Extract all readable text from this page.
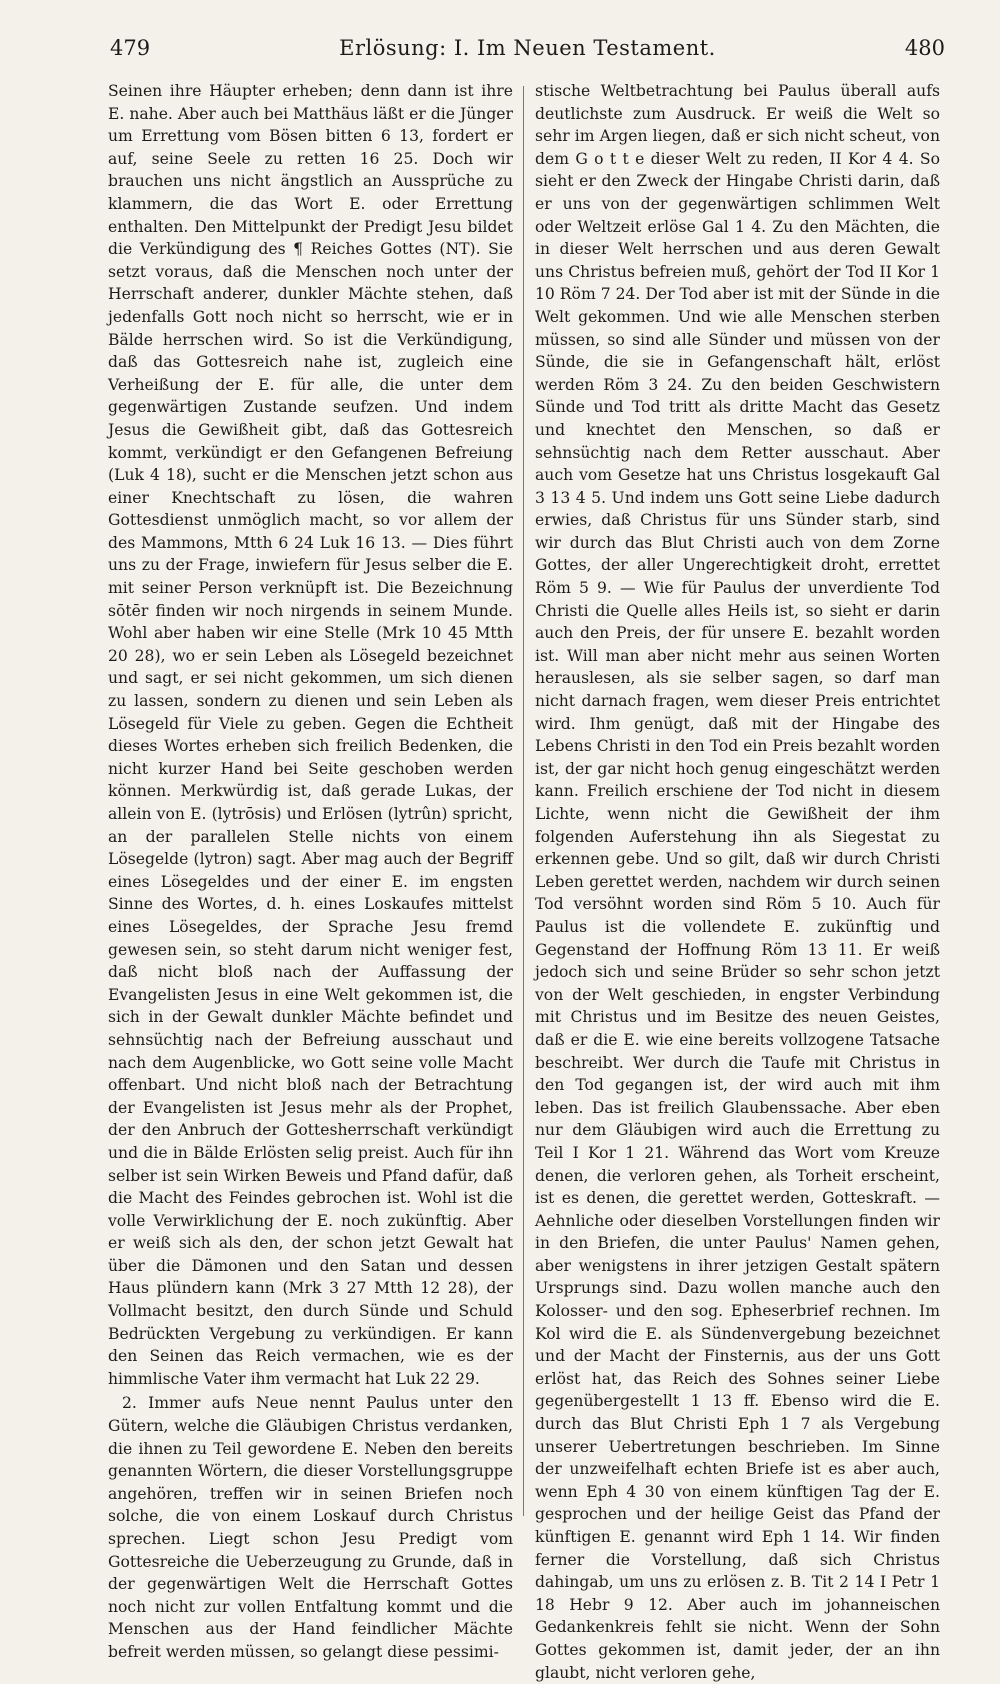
479	Erlösung: I. Im Neuen Testament.	480

Seinen ihre Häupter erheben; denn dann ist ihre E. nahe. Aber auch bei Matthäus läßt er die Jünger um Errettung vom Bösen bitten 6 13, fordert er auf, seine Seele zu retten 16 25. Doch wir brauchen uns nicht ängstlich an Aussprüche zu klammern, die das Wort E. oder Errettung enthalten. Den Mittelpunkt der Predigt Jesu bildet die Verkündigung des ¶ Reiches Gottes (NT). Sie setzt voraus, daß die Menschen noch unter der Herrschaft anderer, dunkler Mächte stehen, daß jedenfalls Gott noch nicht so herrscht, wie er in Bälde herrschen wird. So ist die Verkündigung, daß das Gottesreich nahe ist, zugleich eine Verheißung der E. für alle, die unter dem gegenwärtigen Zustande seufzen. Und indem Jesus die Gewißheit gibt, daß das Gottesreich kommt, verkündigt er den Gefangenen Befreiung (Luk 4 18), sucht er die Menschen jetzt schon aus einer Knechtschaft zu lösen, die wahren Gottesdienst unmöglich macht, so vor allem der des Mammons, Mtth 6 24 Luk 16 13. — Dies führt uns zu der Frage, inwiefern für Jesus selber die E. mit seiner Person verknüpft ist. Die Bezeichnung sōtēr finden wir noch nirgends in seinem Munde. Wohl aber haben wir eine Stelle (Mrk 10 45 Mtth 20 28), wo er sein Leben als Lösegeld bezeichnet und sagt, er sei nicht gekommen, um sich dienen zu lassen, sondern zu dienen und sein Leben als Lösegeld für Viele zu geben. Gegen die Echtheit dieses Wortes erheben sich freilich Bedenken, die nicht kurzer Hand bei Seite geschoben werden können. Merkwürdig ist, daß gerade Lukas, der allein von E. (lytrōsis) und Erlösen (lytrûn) spricht, an der parallelen Stelle nichts von einem Lösegelde (lytron) sagt. Aber mag auch der Begriff eines Lösegeldes und der einer E. im engsten Sinne des Wortes, d. h. eines Loskaufes mittelst eines Lösegeldes, der Sprache Jesu fremd gewesen sein, so steht darum nicht weniger fest, daß nicht bloß nach der Auffassung der Evangelisten Jesus in eine Welt gekommen ist, die sich in der Gewalt dunkler Mächte befindet und sehnsüchtig nach der Befreiung ausschaut und nach dem Augenblicke, wo Gott seine volle Macht offenbart. Und nicht bloß nach der Betrachtung der Evangelisten ist Jesus mehr als der Prophet, der den Anbruch der Gottesherrschaft verkündigt und die in Bälde Erlösten selig preist. Auch für ihn selber ist sein Wirken Beweis und Pfand dafür, daß die Macht des Feindes gebrochen ist. Wohl ist die volle Verwirklichung der E. noch zukünftig. Aber er weiß sich als den, der schon jetzt Gewalt hat über die Dämonen und den Satan und dessen Haus plündern kann (Mrk 3 27 Mtth 12 28), der Vollmacht besitzt, den durch Sünde und Schuld Bedrückten Vergebung zu verkündigen. Er kann den Seinen das Reich vermachen, wie es der himmlische Vater ihm vermacht hat Luk 22 29.

2. Immer aufs Neue nennt Paulus unter den Gütern, welche die Gläubigen Christus verdanken, die ihnen zu Teil gewordene E. Neben den bereits genannten Wörtern, die dieser Vorstellungsgruppe angehören, treffen wir in seinen Briefen noch solche, die von einem Loskauf durch Christus sprechen. Liegt schon Jesu Predigt vom Gottesreiche die Ueberzeugung zu Grunde, daß in der gegenwärtigen Welt die Herrschaft Gottes noch nicht zur vollen Entfaltung kommt und die Menschen aus der Hand feindlicher Mächte befreit werden müssen, so gelangt diese pessimi-

stische Weltbetrachtung bei Paulus überall aufs deutlichste zum Ausdruck. Er weiß die Welt so sehr im Argen liegen, daß er sich nicht scheut, von dem G o t t e dieser Welt zu reden, II Kor 4 4. So sieht er den Zweck der Hingabe Christi darin, daß er uns von der gegenwärtigen schlimmen Welt oder Weltzeit erlöse Gal 1 4. Zu den Mächten, die in dieser Welt herrschen und aus deren Gewalt uns Christus befreien muß, gehört der Tod II Kor 1 10 Röm 7 24. Der Tod aber ist mit der Sünde in die Welt gekommen. Und wie alle Menschen sterben müssen, so sind alle Sünder und müssen von der Sünde, die sie in Gefangenschaft hält, erlöst werden Röm 3 24. Zu den beiden Geschwistern Sünde und Tod tritt als dritte Macht das Gesetz und knechtet den Menschen, so daß er sehnsüchtig nach dem Retter ausschaut. Aber auch vom Gesetze hat uns Christus losgekauft Gal 3 13 4 5. Und indem uns Gott seine Liebe dadurch erwies, daß Christus für uns Sünder starb, sind wir durch das Blut Christi auch von dem Zorne Gottes, der aller Ungerechtigkeit droht, errettet Röm 5 9. — Wie für Paulus der unverdiente Tod Christi die Quelle alles Heils ist, so sieht er darin auch den Preis, der für unsere E. bezahlt worden ist. Will man aber nicht mehr aus seinen Worten herauslesen, als sie selber sagen, so darf man nicht darnach fragen, wem dieser Preis entrichtet wird. Ihm genügt, daß mit der Hingabe des Lebens Christi in den Tod ein Preis bezahlt worden ist, der gar nicht hoch genug eingeschätzt werden kann. Freilich erschiene der Tod nicht in diesem Lichte, wenn nicht die Gewißheit der ihm folgenden Auferstehung ihn als Siegestat zu erkennen gebe. Und so gilt, daß wir durch Christi Leben gerettet werden, nachdem wir durch seinen Tod versöhnt worden sind Röm 5 10. Auch für Paulus ist die vollendete E. zukünftig und Gegenstand der Hoffnung Röm 13 11. Er weiß jedoch sich und seine Brüder so sehr schon jetzt von der Welt geschieden, in engster Verbindung mit Christus und im Besitze des neuen Geistes, daß er die E. wie eine bereits vollzogene Tatsache beschreibt. Wer durch die Taufe mit Christus in den Tod gegangen ist, der wird auch mit ihm leben. Das ist freilich Glaubenssache. Aber eben nur dem Gläubigen wird auch die Errettung zu Teil I Kor 1 21. Während das Wort vom Kreuze denen, die verloren gehen, als Torheit erscheint, ist es denen, die gerettet werden, Gotteskraft. — Aehnliche oder dieselben Vorstellungen finden wir in den Briefen, die unter Paulus' Namen gehen, aber wenigstens in ihrer jetzigen Gestalt spätern Ursprungs sind. Dazu wollen manche auch den Kolosser- und den sog. Epheserbrief rechnen. Im Kol wird die E. als Sündenvergebung bezeichnet und der Macht der Finsternis, aus der uns Gott erlöst hat, das Reich des Sohnes seiner Liebe gegenübergestellt 1 13 ff. Ebenso wird die E. durch das Blut Christi Eph 1 7 als Vergebung unserer Uebertretungen beschrieben. Im Sinne der unzweifelhaft echten Briefe ist es aber auch, wenn Eph 4 30 von einem künftigen Tag der E. gesprochen und der heilige Geist das Pfand der künftigen E. genannt wird Eph 1 14. Wir finden ferner die Vorstellung, daß sich Christus dahingab, um uns zu erlösen z. B. Tit 2 14 I Petr 1 18 Hebr 9 12. Aber auch im johanneischen Gedankenkreis fehlt sie nicht. Wenn der Sohn Gottes gekommen ist, damit jeder, der an ihn glaubt, nicht verloren gehe,
